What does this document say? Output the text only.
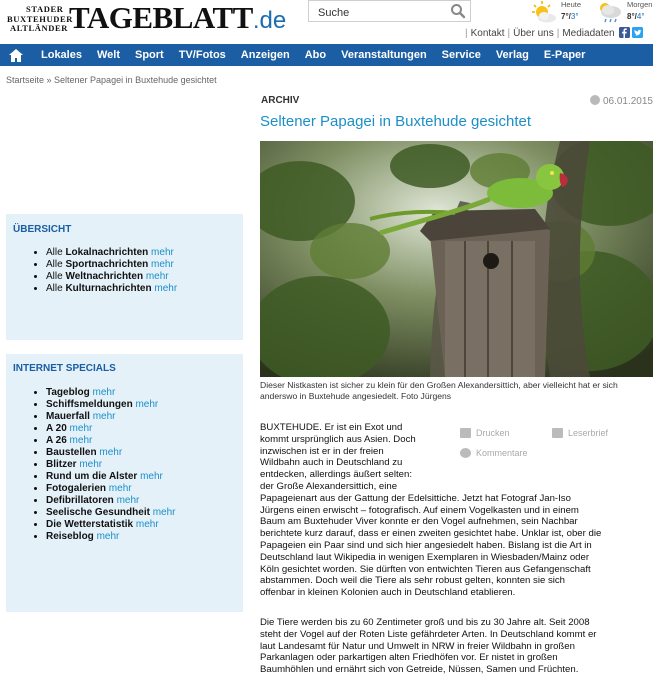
STADER
BUXTEHUDER
ALTLÄNDER TAGEBLATT.de
Suche
Heute
7°/3°
Morgen
8°/4°
| Kontakt | Über uns | Mediadaten
Lokales Welt Sport TV/Fotos Anzeigen Abo Veranstaltungen Service Verlag E-Paper
Startseite » Seltener Papagei in Buxtehude gesichtet
ÜBERSICHT
• Alle Lokalnachrichten mehr
• Alle Sportnachrichten mehr
• Alle Weltnachrichten mehr
• Alle Kulturnachrichten mehr
INTERNET SPECIALS
• Tageblog mehr
• Schiffsmeldungen mehr
• Mauerfall mehr
• A 20 mehr
• A 26 mehr
• Baustellen mehr
• Blitzer mehr
• Rund um die Alster mehr
• Fotogalerien mehr
• Defibrillatoren mehr
• Seelische Gesundheit mehr
• Die Wetterstatistik mehr
• Reiseblog mehr
ARCHIV	06.01.2015
Seltener Papagei in Buxtehude gesichtet
Dieser Nistkasten ist sicher zu klein für den Großen Alexandersittich, aber vielleicht hat er sich anderswo in Buxtehude angesiedelt. Foto Jürgens
Drucken	Leserbrief
Kommentare

BUXTEHUDE. Er ist ein Exot und
kommt ursprünglich aus Asien. Doch
inzwischen ist er in der freien
Wildbahn auch in Deutschland zu
entdecken, allerdings äußert selten:
der Große Alexandersittich, eine
Papageienart aus der Gattung der Edelsittiche. Jetzt hat Fotograf Jan-Iso
Jürgens einen erwischt – fotografisch. Auf einem Vogelkasten und in einem
Baum am Buxtehuder Viver konnte er den Vogel aufnehmen, sein Nachbar
berichtete kurz darauf, dass er einen zweiten gesichtet habe. Unklar ist, ober die
Papageien ein Paar sind und sich hier angesiedelt haben. Bislang ist die Art in
Deutschland laut Wikipedia in wenigen Exemplaren in Wiesbaden/Mainz oder
Köln gesichtet worden. Sie dürften von entwichten Tieren aus Gefangenschaft
abstammen. Doch weil die Tiere als sehr robust gelten, konnten sie sich
offenbar in kleinen Kolonien auch in Deutschland etablieren.

Die Tiere werden bis zu 60 Zentimeter groß und bis zu 30 Jahre alt. Seit 2008
steht der Vogel auf der Roten Liste gefährdeter Arten. In Deutschland kommt er
laut Landesamt für Natur und Umwelt in NRW in freier Wildbahn in großen
Parkanlagen oder parkartigen alten Friedhöfen vor. Er nistet in großen
Baumhöhlen und ernährt sich von Getreide, Nüssen, Samen und Früchten.
